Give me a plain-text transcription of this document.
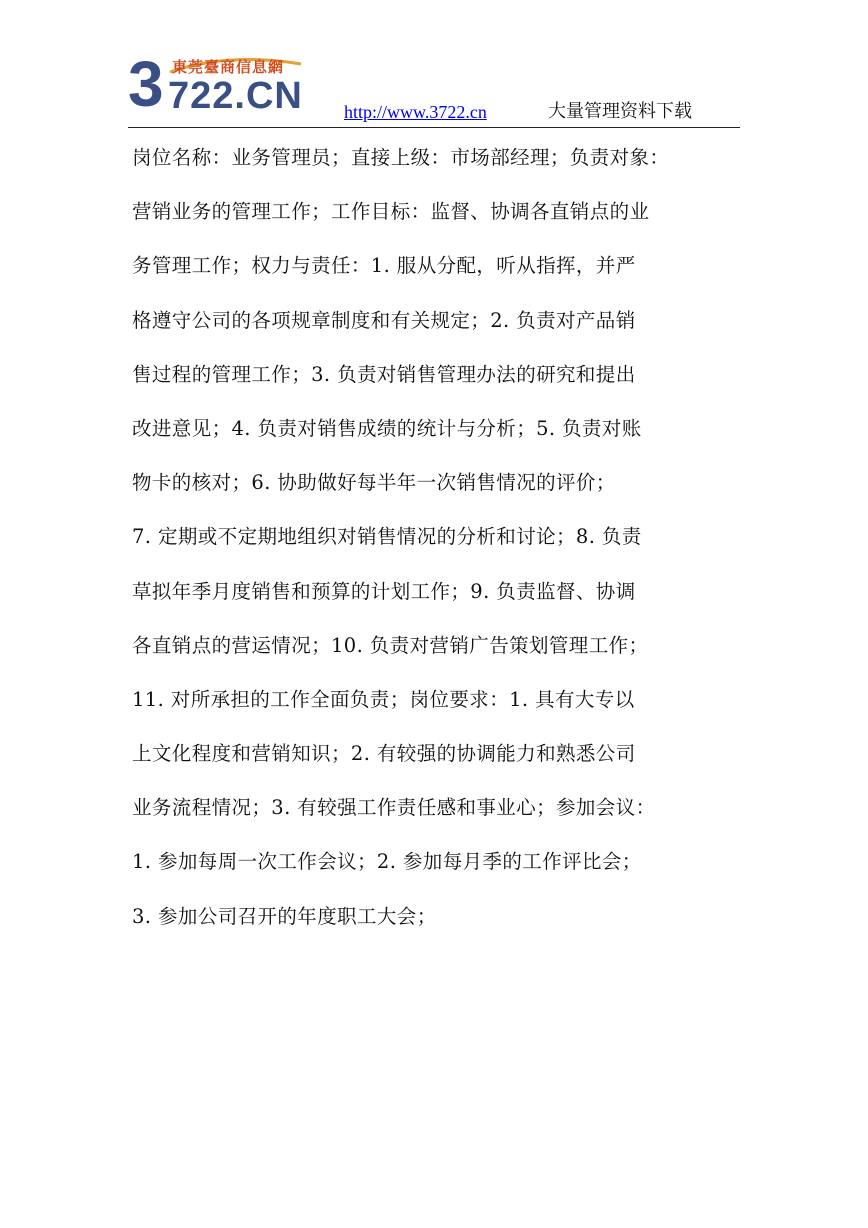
3 東莞臺商信息網
722.CN http://www.3722.cn	大量管理资料下载
岗位名称：业务管理员；直接上级：市场部经理；负责对象：
营销业务的管理工作；工作目标：监督、协调各直销点的业
务管理工作；权力与责任：1. 服从分配，听从指挥，并严
格遵守公司的各项规章制度和有关规定；2. 负责对产品销
售过程的管理工作；3. 负责对销售管理办法的研究和提出
改进意见；4. 负责对销售成绩的统计与分析；5. 负责对账
物卡的核对；6. 协助做好每半年一次销售情况的评价；
7. 定期或不定期地组织对销售情况的分析和讨论；8. 负责
草拟年季月度销售和预算的计划工作；9. 负责监督、协调
各直销点的营运情况；10. 负责对营销广告策划管理工作；
11. 对所承担的工作全面负责；岗位要求：1. 具有大专以
上文化程度和营销知识；2. 有较强的协调能力和熟悉公司
业务流程情况；3. 有较强工作责任感和事业心；参加会议：
1. 参加每周一次工作会议；2. 参加每月季的工作评比会；
3. 参加公司召开的年度职工大会；
